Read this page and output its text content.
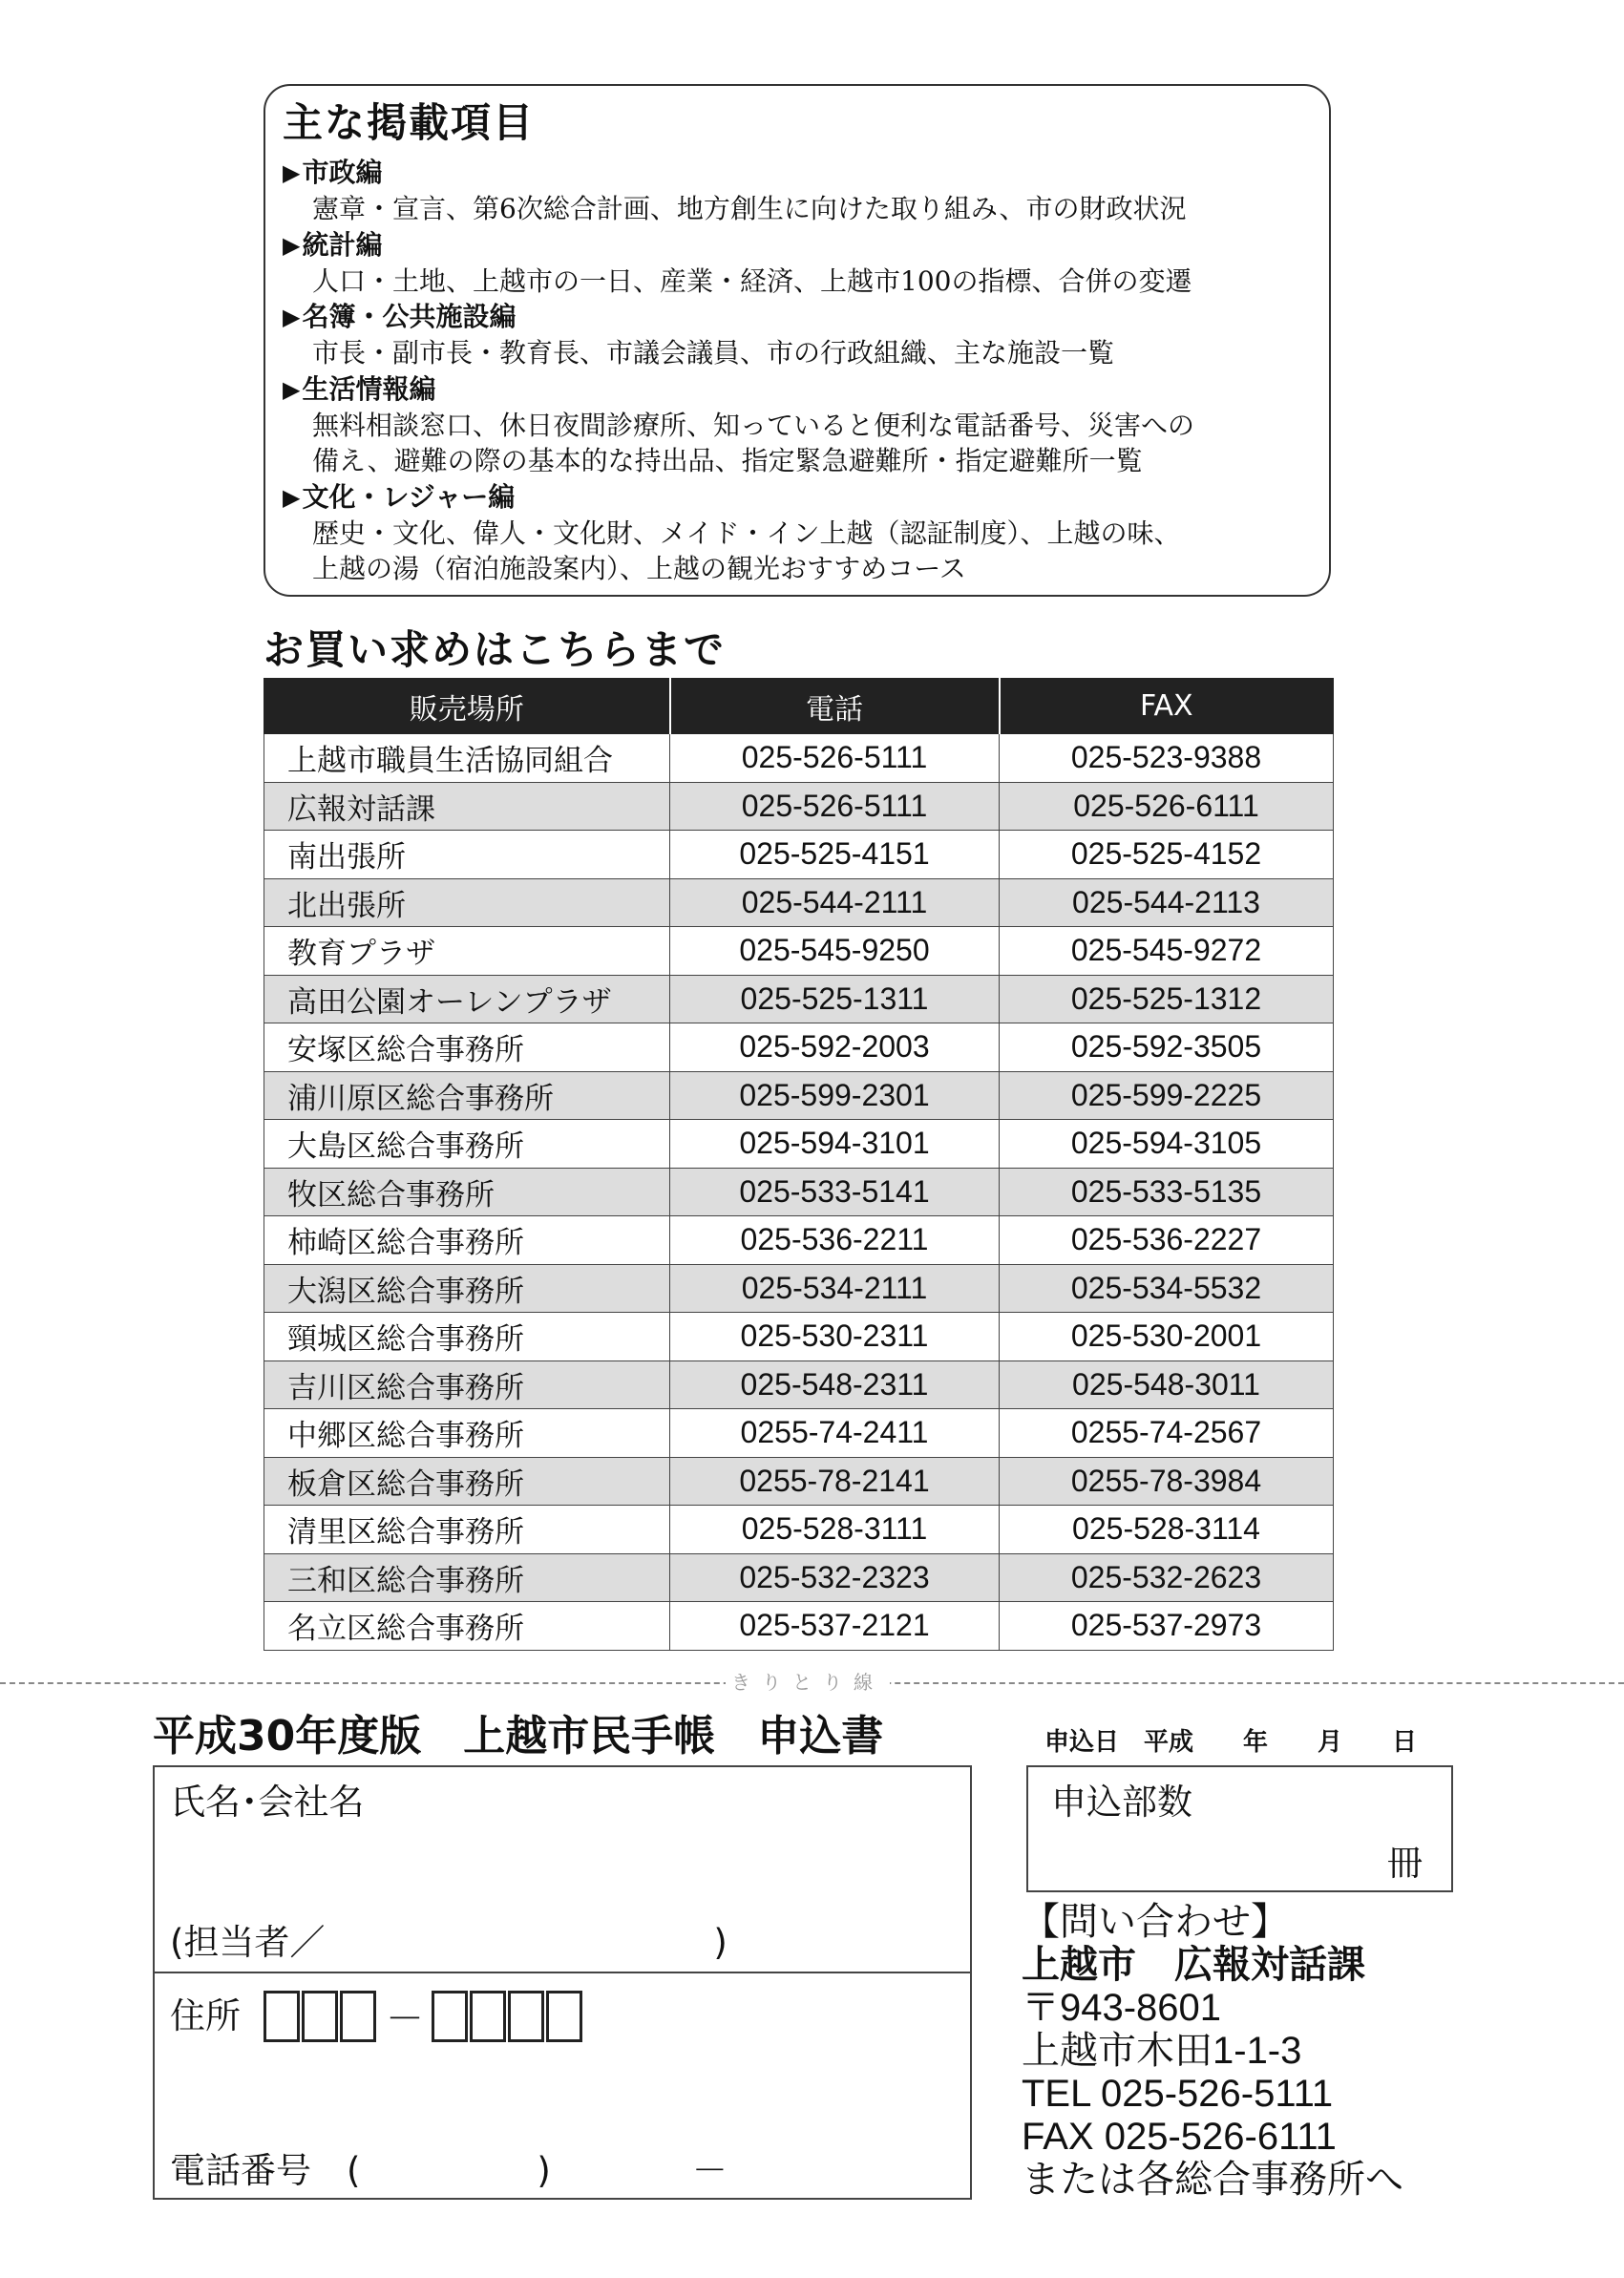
主な掲載項目
▶ 市政編
憲章・宣言、第6次総合計画、地方創生に向けた取り組み、市の財政状況
▶ 統計編
人口・土地、上越市の一日、産業・経済、上越市100の指標、合併の変遷
▶ 名簿・公共施設編
市長・副市長・教育長、市議会議員、市の行政組織、主な施設一覧
▶ 生活情報編
無料相談窓口、休日夜間診療所、知っていると便利な電話番号、災害への
備え、避難の際の基本的な持出品、指定緊急避難所・指定避難所一覧
▶ 文化・レジャー編
歴史・文化、偉人・文化財、メイド・イン上越（認証制度）、上越の味、
上越の湯（宿泊施設案内）、上越の観光おすすめコース
お買い求めはこちらまで
販売場所	電話	FAX
上越市職員生活協同組合	025-526-5111	025-523-9388
広報対話課	025-526-5111	025-526-6111
南出張所	025-525-4151	025-525-4152
北出張所	025-544-2111	025-544-2113
教育プラザ	025-545-9250	025-545-9272
高田公園オーレンプラザ	025-525-1311	025-525-1312
安塚区総合事務所	025-592-2003	025-592-3505
浦川原区総合事務所	025-599-2301	025-599-2225
大島区総合事務所	025-594-3101	025-594-3105
牧区総合事務所	025-533-5141	025-533-5135
柿崎区総合事務所	025-536-2211	025-536-2227
大潟区総合事務所	025-534-2111	025-534-5532
頸城区総合事務所	025-530-2311	025-530-2001
吉川区総合事務所	025-548-2311	025-548-3011
中郷区総合事務所	0255-74-2411	0255-74-2567
板倉区総合事務所	0255-78-2141	0255-78-3984
清里区総合事務所	025-528-3111	025-528-3114
三和区総合事務所	025-532-2323	025-532-2623
名立区総合事務所	025-537-2121	025-537-2973
きりとり線
平成30年度版　上越市民手帳　申込書	申込日　平成　　年　　月　　日
氏名･会社名
(担当者／　　　　　　　　　　　)
住所	－
電話番号　(　　　　　)　　　　－
申込部数
冊
【問い合わせ】
上越市　広報対話課
〒943-8601
上越市木田1-1-3
TEL 025-526-5111
FAX 025-526-6111
または各総合事務所へ
